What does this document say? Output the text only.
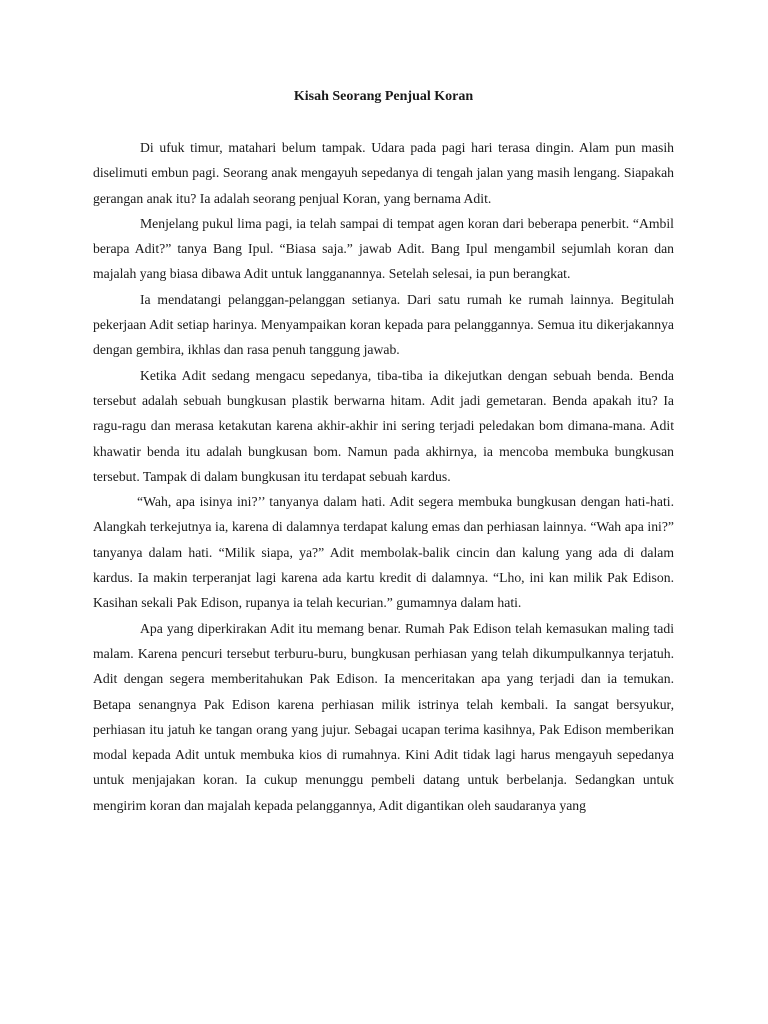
Kisah Seorang Penjual Koran

Di ufuk timur, matahari belum tampak. Udara pada pagi hari terasa dingin. Alam pun masih diselimuti embun pagi. Seorang anak mengayuh sepedanya di tengah jalan yang masih lengang. Siapakah gerangan anak itu? Ia adalah seorang penjual Koran, yang bernama Adit.

Menjelang pukul lima pagi, ia telah sampai di tempat agen koran dari beberapa penerbit. “Ambil berapa Adit?” tanya Bang Ipul. “Biasa saja.” jawab Adit. Bang Ipul mengambil sejumlah koran dan majalah yang biasa dibawa Adit untuk langganannya. Setelah selesai, ia pun berangkat.

Ia mendatangi pelanggan-pelanggan setianya. Dari satu rumah ke rumah lainnya. Begitulah pekerjaan Adit setiap harinya. Menyampaikan koran kepada para pelanggannya. Semua itu dikerjakannya dengan gembira, ikhlas dan rasa penuh tanggung jawab.

Ketika Adit sedang mengacu sepedanya, tiba-tiba ia dikejutkan dengan sebuah benda. Benda tersebut adalah sebuah bungkusan plastik berwarna hitam. Adit jadi gemetaran. Benda apakah itu? Ia ragu-ragu dan merasa ketakutan karena akhir-akhir ini sering terjadi peledakan bom dimana-mana. Adit khawatir benda itu adalah bungkusan bom. Namun pada akhirnya, ia mencoba membuka bungkusan tersebut. Tampak di dalam bungkusan itu terdapat sebuah kardus.

“Wah, apa isinya ini?’’ tanyanya dalam hati. Adit segera membuka bungkusan dengan hati-hati. Alangkah terkejutnya ia, karena di dalamnya terdapat kalung emas dan perhiasan lainnya. “Wah apa ini?” tanyanya dalam hati. “Milik siapa, ya?” Adit membolak-balik cincin dan kalung yang ada di dalam kardus. Ia makin terperanjat lagi karena ada kartu kredit di dalamnya. “Lho, ini kan milik Pak Edison. Kasihan sekali Pak Edison, rupanya ia telah kecurian.” gumamnya dalam hati.

Apa yang diperkirakan Adit itu memang benar. Rumah Pak Edison telah kemasukan maling tadi malam. Karena pencuri tersebut terburu-buru, bungkusan perhiasan yang telah dikumpulkannya terjatuh. Adit dengan segera memberitahukan Pak Edison. Ia menceritakan apa yang terjadi dan ia temukan. Betapa senangnya Pak Edison karena perhiasan milik istrinya telah kembali. Ia sangat bersyukur, perhiasan itu jatuh ke tangan orang yang jujur. Sebagai ucapan terima kasihnya, Pak Edison memberikan modal kepada Adit untuk membuka kios di rumahnya. Kini Adit tidak lagi harus mengayuh sepedanya untuk menjajakan koran. Ia cukup menunggu pembeli datang untuk berbelanja. Sedangkan untuk mengirim koran dan majalah kepada pelanggannya, Adit digantikan oleh saudaranya yang
